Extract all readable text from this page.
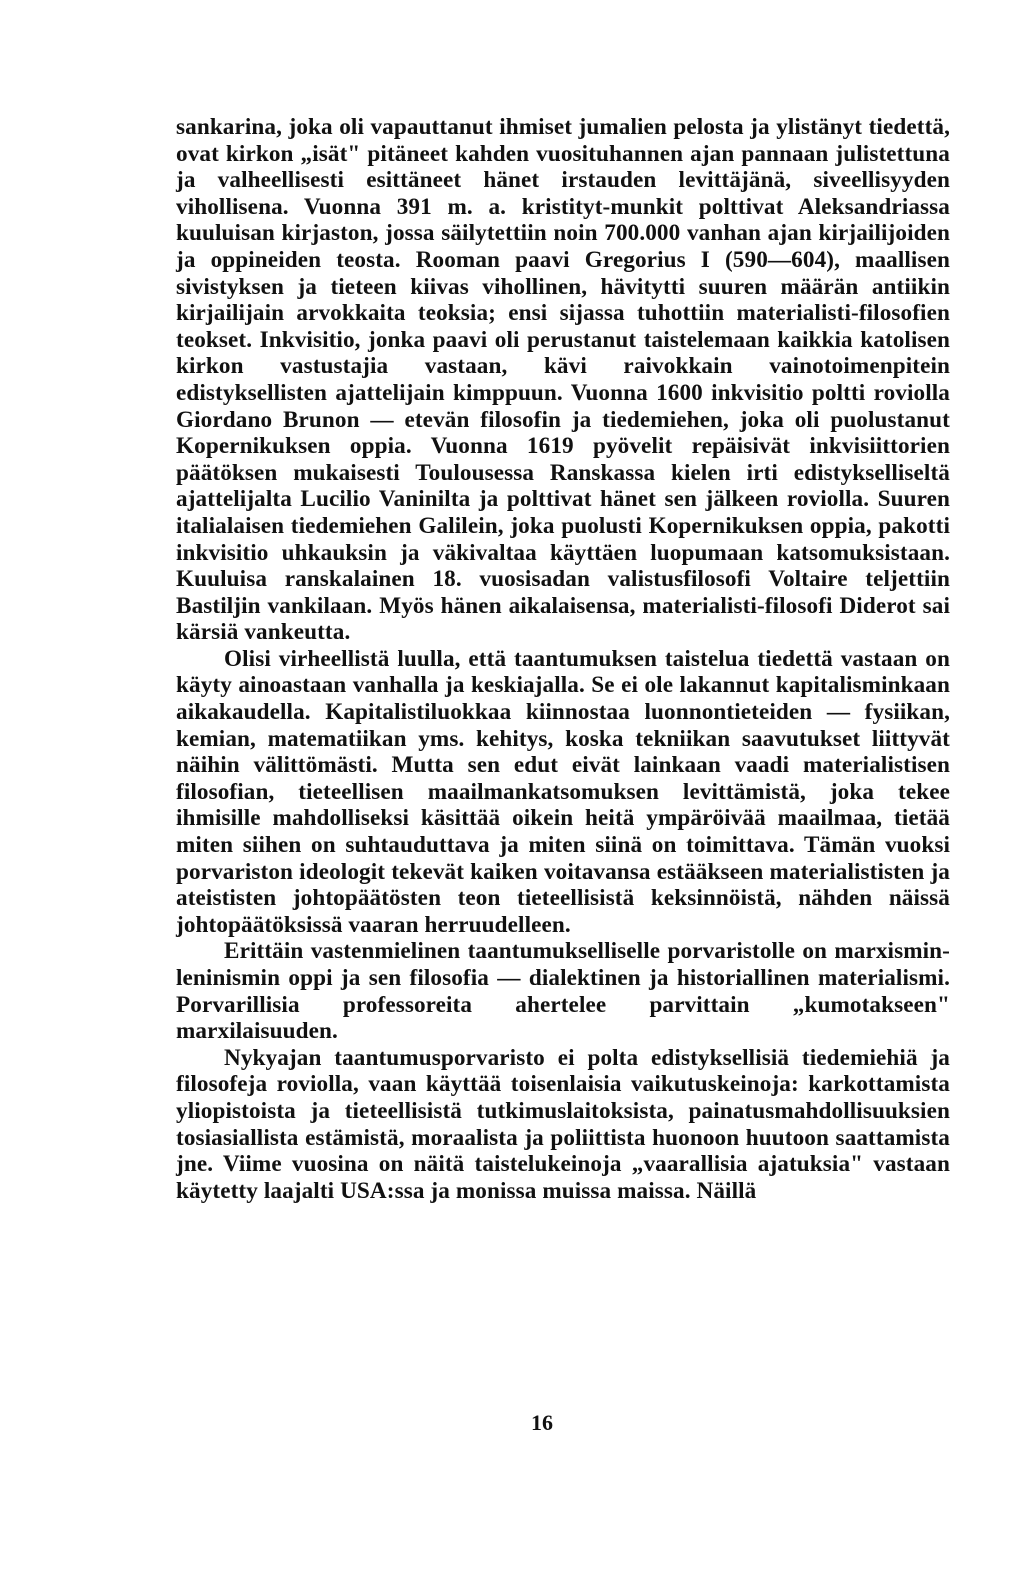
sankarina, joka oli vapauttanut ihmiset jumalien pelosta ja ylistänyt tiedettä, ovat kirkon „isät" pitäneet kahden vuosituhannen ajan pannaan julistettuna ja valheellisesti esittäneet hänet irstauden levittäjänä, siveellisyyden vihollisena. Vuonna 391 m. a. kristityt-munkit polttivat Aleksandriassa kuuluisan kirjaston, jossa säilytettiin noin 700.000 vanhan ajan kirjailijoiden ja oppineiden teosta. Rooman paavi Gregorius I (590—604), maallisen sivistyksen ja tieteen kiivas vihollinen, hävitytti suuren määrän antiikin kirjailijain arvokkaita teoksia; ensi sijassa tuhottiin materialisti-filosofien teokset. Inkvisitio, jonka paavi oli perustanut taistelemaan kaikkia katolisen kirkon vastustajia vastaan, kävi raivokkain vainotoimenpitein edistyksellisten ajattelijain kimppuun. Vuonna 1600 inkvisitio poltti roviolla Giordano Brunon — etevän filosofin ja tiedemiehen, joka oli puolustanut Kopernikuksen oppia. Vuonna 1619 pyövelit repäisivät inkvisiittorien päätöksen mukaisesti Toulousessa Ranskassa kielen irti edistykselliseltä ajattelijalta Lucilio Vaninilta ja polttivat hänet sen jälkeen roviolla. Suuren italialaisen tiedemiehen Galilein, joka puolusti Kopernikuksen oppia, pakotti inkvisitio uhkauksin ja väkivaltaa käyttäen luopumaan katsomuksistaan. Kuuluisa ranskalainen 18. vuosisadan valistusfilosofi Voltaire teljettiin Bastiljin vankilaan. Myös hänen aikalaisensa, materialisti-filosofi Diderot sai kärsiä vankeutta.

Olisi virheellistä luulla, että taantumuksen taistelua tiedettä vastaan on käyty ainoastaan vanhalla ja keskiajalla. Se ei ole lakannut kapitalisminkaan aikakaudella. Kapitalistiluokkaa kiinnostaa luonnontieteiden — fysiikan, kemian, matematiikan yms. kehitys, koska tekniikan saavutukset liittyvät näihin välittömästi. Mutta sen edut eivät lainkaan vaadi materialistisen filosofian, tieteellisen maailmankatsomuksen levittämistä, joka tekee ihmisille mahdolliseksi käsittää oikein heitä ympäröivää maailmaa, tietää miten siihen on suhtauduttava ja miten siinä on toimittava. Tämän vuoksi porvariston ideologit tekevät kaiken voitavansa estääkseen materialististen ja ateististen johtopäätösten teon tieteellisistä keksinnöistä, nähden näissä johtopäätöksissä vaaran herruudelleen.

Erittäin vastenmielinen taantumukselliselle porvaristolle on marxismin-leninismin oppi ja sen filosofia — dialektinen ja historiallinen materialismi. Porvarillisia professoreita ahertelee parvittain „kumotakseen" marxilaisuuden.

Nykyajan taantumusporvaristo ei polta edistyksellisiä tiedemiehiä ja filosofeja roviolla, vaan käyttää toisenlaisia vaikutuskeinoja: karkottamista yliopistoista ja tieteellisistä tutkimuslaitoksista, painatusmahdollisuuksien tosiasiallista estämistä, moraalista ja poliittista huonoon huutoon saattamista jne. Viime vuosina on näitä taistelukeinoja „vaarallisia ajatuksia" vastaan käytetty laajalti USA:ssa ja monissa muissa maissa. Näillä

16
